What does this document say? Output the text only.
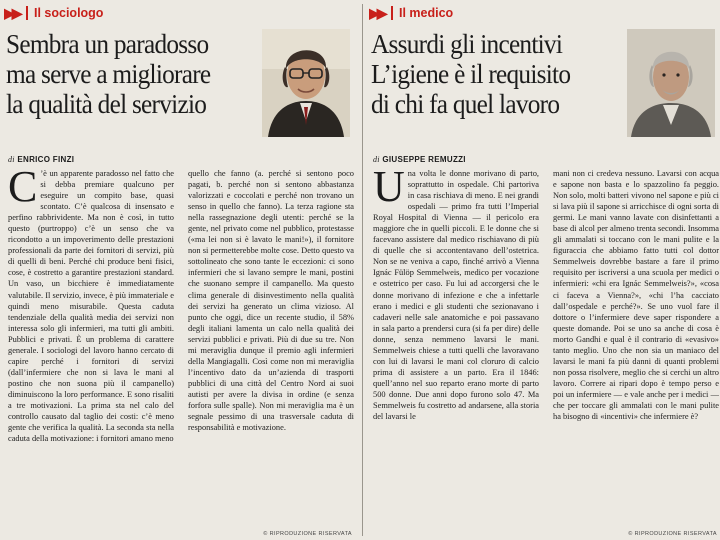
▶▶	Il sociologo
Sembra un paradosso
ma serve a migliorare
la qualità del servizio
di ENRICO FINZI
C ’è un apparente paradosso nel fatto che si debba premiare qualcuno per eseguire un compito base, quasi scontato. C’è qualcosa di insensato e perfino rabbrividente. Ma non è così, in tutto questo (purtroppo) c’è un senso che va ricondotto a un impoverimento delle prestazioni professionali da parte dei fornitori di servizi, più di quelli di beni. Perché chi produce beni fisici, cose, è costretto a garantire prestazioni standard. Un vaso, un bicchiere è immediatamente valutabile. Il servizio, invece, è più immateriale e quindi meno misurabile. Questa caduta tendenziale della qualità media dei servizi non interessa solo gli infermieri, ma tutti gli ambiti. Pubblici e privati. È un problema di carattere generale. I sociologi del lavoro hanno cercato di capire perché i fornitori di servizi (dall’infermiere che non si lava le mani al postino che non suona più il campanello) diminuiscono la loro performance. E sono risaliti a tre motivazioni. La prima sta nel calo del controllo causato dal taglio dei costi: c’è meno gente che verifica la qualità. La seconda sta nella caduta della motivazione: i fornitori amano meno

quello che fanno (a. perché si sentono poco pagati, b. perché non si sentono abbastanza valorizzati e coccolati e perché non trovano un senso in quello che fanno). La terza ragione sta nella rassegnazione degli utenti: perché se la gente, nel privato come nel pubblico, protestasse («ma lei non si è lavato le mani!»), il fornitore non si permetterebbe molte cose. Detto questo va sottolineato che sono tante le eccezioni: ci sono infermieri che si lavano sempre le mani, postini che suonano sempre il campanello. Ma questo clima generale di disinvestimento nella qualità dei servizi ha generato un clima vizioso. Al punto che oggi, dice un recente studio, il 58% degli italiani lamenta un calo nella qualità dei servizi pubblici e privati. Più di due su tre. Non mi meraviglia dunque il premio agli infermieri della Mangiagalli. Così come non mi meraviglia l’incentivo dato da un’azienda di trasporti pubblici di una città del Centro Nord ai suoi autisti per avere la divisa in ordine (e senza forfora sulle spalle). Non mi meraviglia ma è un segnale pessimo di una trasversale caduta di responsabilità e motivazione.

© RIPRODUZIONE RISERVATA
▶▶	Il medico
Assurdi gli incentivi
L’igiene è il requisito
di chi fa quel lavoro
di GIUSEPPE REMUZZI
U na volta le donne morivano di parto, soprattutto in ospedale. Chi partoriva in casa rischiava di meno. E nei grandi ospedali — primo fra tutti l’Imperial Royal Hospital di Vienna — il pericolo era maggiore che in quelli piccoli. E le donne che si facevano assistere dal medico rischiavano di più di quelle che si accontentavano dell’ostetrica. Non se ne veniva a capo, finché arrivò a Vienna Ignác Fülöp Semmelweis, medico per vocazione e ostetrico per caso. Fu lui ad accorgersi che le donne morivano di infezione e che a infettarle erano i medici e gli studenti che sezionavano i cadaveri nelle sale anatomiche e poi passavano in sala parto a prendersi cura (si fa per dire) delle donne, senza nemmeno lavarsi le mani. Semmelweis chiese a tutti quelli che lavoravano con lui di lavarsi le mani col cloruro di calcio prima di assistere a un parto. Era il 1846: quell’anno nel suo reparto erano morte di parto 500 donne. Due anni dopo furono solo 47. Ma Semmelweis fu costretto ad andarsene, alla storia del lavarsi le

mani non ci credeva nessuno. Lavarsi con acqua e sapone non basta e lo spazzolino fa peggio. Non solo, molti batteri vivono nel sapone e più ci si lava più il sapone si arricchisce di ogni sorta di germi. Le mani vanno lavate con disinfettanti a base di alcol per almeno trenta secondi. Insomma gli ammalati si toccano con le mani pulite e la figuraccia che abbiamo fatto tutti col dottor Semmelweis dovrebbe bastare a fare il primo requisito per iscriversi a una scuola per medici o infermieri: «chi era Ignác Semmelweis?», «cosa ci faceva a Vienna?», «chi l’ha cacciato dall’ospedale e perché?». Se uno vuol fare il dottore o l’infermiere deve saper rispondere a queste domande. Poi se uno sa anche di cosa è morto Gandhi e qual è il contrario di «evasivo» tanto meglio. Uno che non sia un maniaco del lavarsi le mani fa più danni di quanti problemi non possa risolvere, meglio che si cerchi un altro lavoro. Correre ai ripari dopo è tempo perso e poi un infermiere — e vale anche per i medici — che per toccare gli ammalati con le mani pulite ha bisogno di «incentivi» che infermiere è?

© RIPRODUZIONE RISERVATA
